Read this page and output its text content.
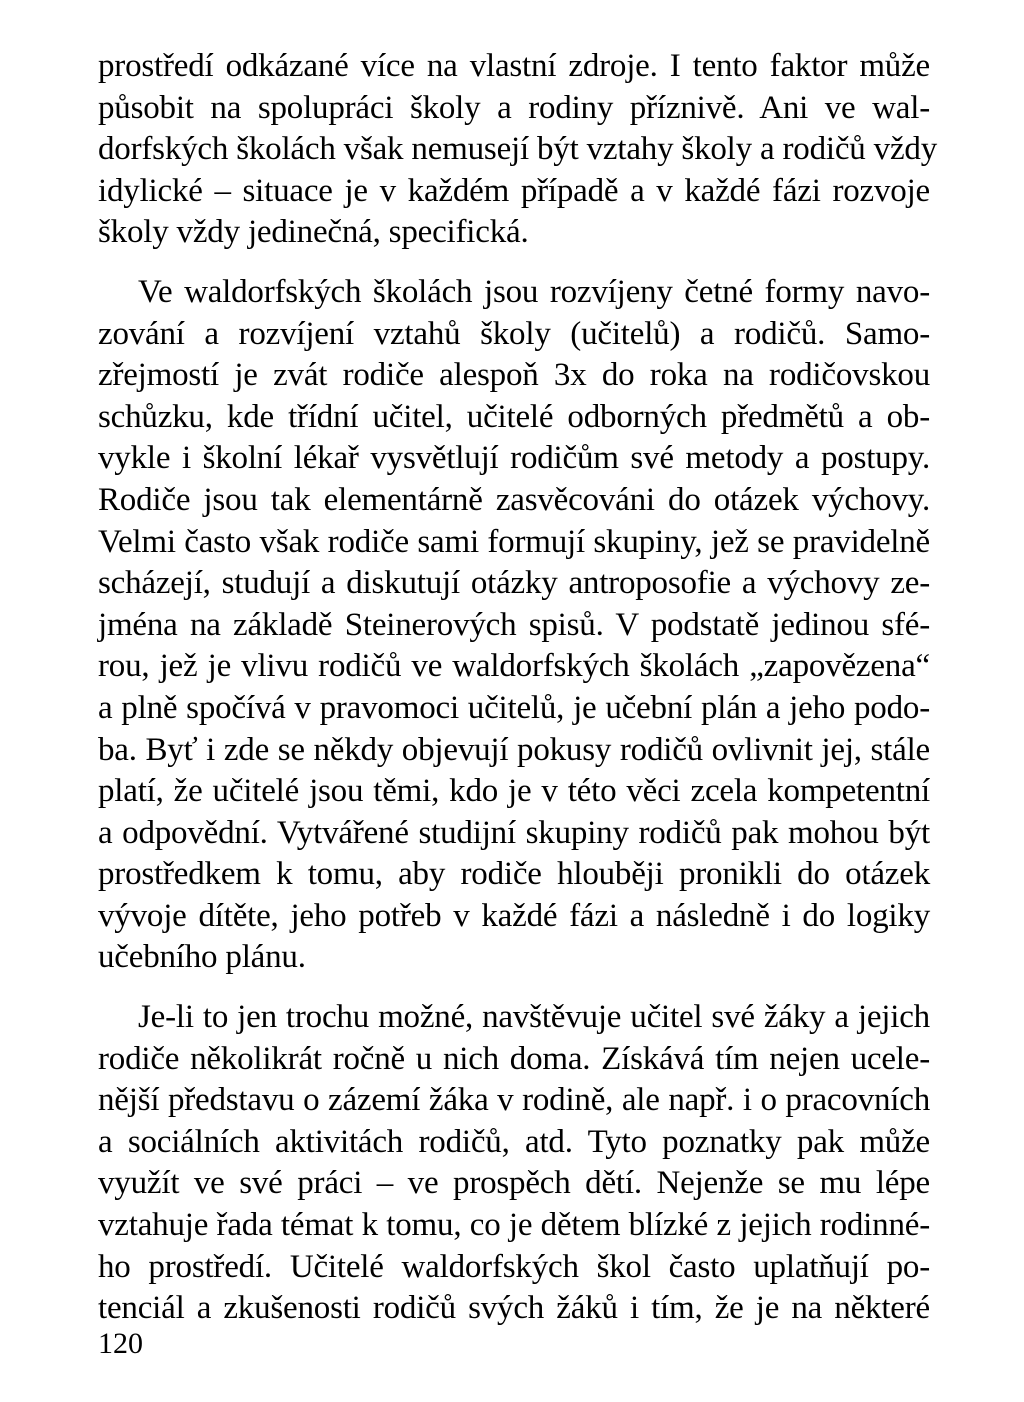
prostředí odkázané více na vlastní zdroje. I tento faktor může
působit na spolupráci školy a rodiny příznivě. Ani ve wal-
dorfských školách však nemusejí být vztahy školy a rodičů vždy
idylické – situace je v každém případě a v každé fázi rozvoje
školy vždy jedinečná, specifická.
Ve waldorfských školách jsou rozvíjeny četné formy navo-
zování a rozvíjení vztahů školy (učitelů) a rodičů. Samo-
zřejmostí je zvát rodiče alespoň 3x do roka na rodičovskou
schůzku, kde třídní učitel, učitelé odborných předmětů a ob-
vykle i školní lékař vysvětlují rodičům své metody a postupy.
Rodiče jsou tak elementárně zasvěcováni do otázek výchovy.
Velmi často však rodiče sami formují skupiny, jež se pravidelně
scházejí, studují a diskutují otázky antroposofie a výchovy ze-
jména na základě Steinerových spisů. V podstatě jedinou sfé-
rou, jež je vlivu rodičů ve waldorfských školách „zapovězena“
a plně spočívá v pravomoci učitelů, je učební plán a jeho podo-
ba. Byť i zde se někdy objevují pokusy rodičů ovlivnit jej, stále
platí, že učitelé jsou těmi, kdo je v této věci zcela kompetentní
a odpovědní. Vytvářené studijní skupiny rodičů pak mohou být
prostředkem k tomu, aby rodiče hlouběji pronikli do otázek
vývoje dítěte, jeho potřeb v každé fázi a následně i do logiky
učebního plánu.
Je-li to jen trochu možné, navštěvuje učitel své žáky a jejich
rodiče několikrát ročně u nich doma. Získává tím nejen ucele-
nější představu o zázemí žáka v rodině, ale např. i o pracovních
a sociálních aktivitách rodičů, atd. Tyto poznatky pak může
využít ve své práci – ve prospěch dětí. Nejenže se mu lépe
vztahuje řada témat k tomu, co je dětem blízké z jejich rodinné-
ho prostředí. Učitelé waldorfských škol často uplatňují po-
tenciál a zkušenosti rodičů svých žáků i tím, že je na některé
120
